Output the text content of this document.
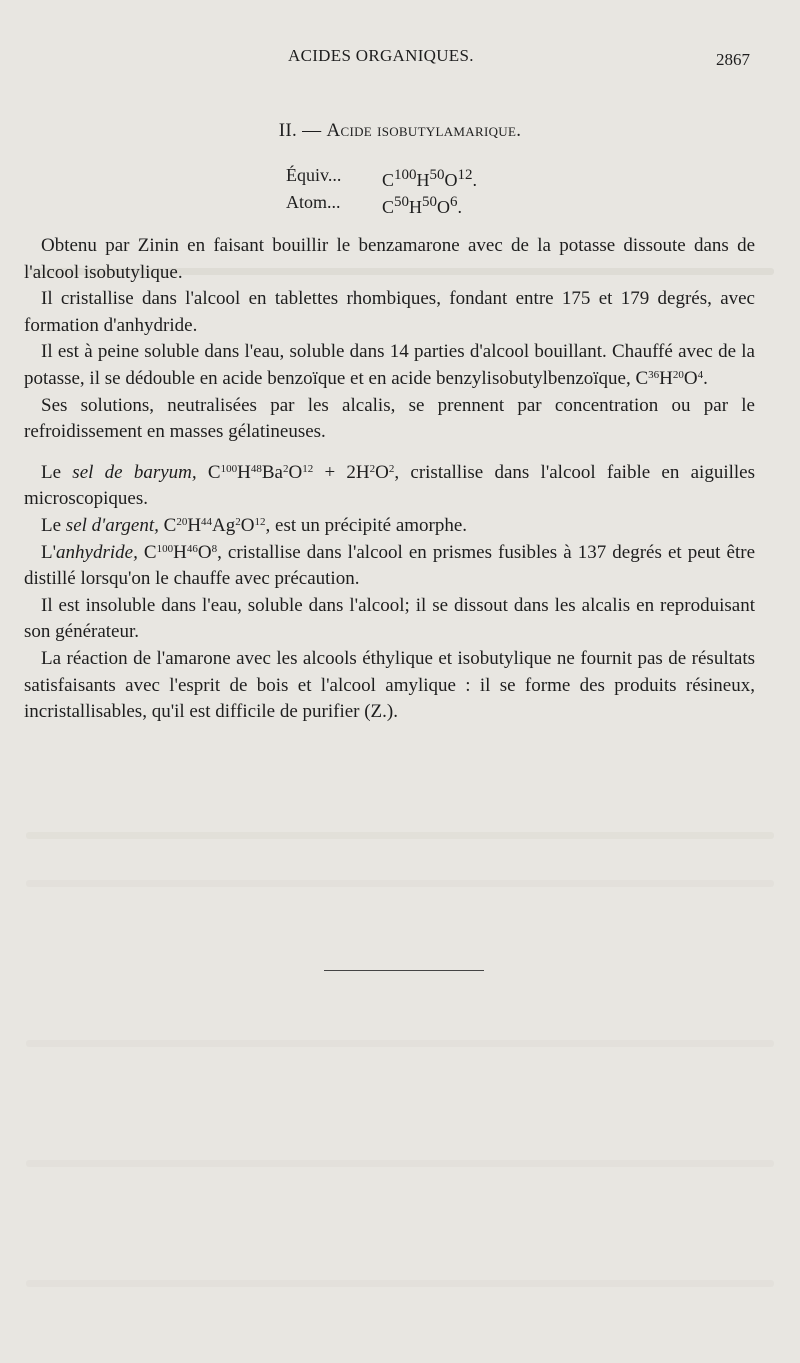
ACIDES ORGANIQUES.	2867
II. — Acide isobutylamarique.
Équiv...	$C^{100}H^{50}O^{12}$.
Atom...	$C^{50}H^{50}O^6$.

Obtenu par Zinin en faisant bouillir le benzamarone avec de la potasse dissoute dans de l'alcool isobutylique.

Il cristallise dans l'alcool en tablettes rhombiques, fondant entre 175 et 179 degrés, avec formation d'anhydride.

Il est à peine soluble dans l'eau, soluble dans 14 parties d'alcool bouillant. Chauffé avec de la potasse, il se dédouble en acide benzoïque et en acide benzylisobutylbenzoïque, $C^{36}H^{20}O^4$.

Ses solutions, neutralisées par les alcalis, se prennent par concentration ou par le refroidissement en masses gélatineuses.

Le sel de baryum, $C^{100}H^{48}Ba^2O^{12} + 2H^2O^2$, cristallise dans l'alcool faible en aiguilles microscopiques.

Le sel d'argent, $C^{20}H^{44}Ag^2O^{12}$, est un précipité amorphe.

L'anhydride, $C^{100}H^{46}O^8$, cristallise dans l'alcool en prismes fusibles à 137 degrés et peut être distillé lorsqu'on le chauffe avec précaution.

Il est insoluble dans l'eau, soluble dans l'alcool; il se dissout dans les alcalis en reproduisant son générateur.

La réaction de l'amarone avec les alcools éthylique et isobutylique ne fournit pas de résultats satisfaisants avec l'esprit de bois et l'alcool amylique : il se forme des produits résineux, incristallisables, qu'il est difficile de purifier (Z.).
